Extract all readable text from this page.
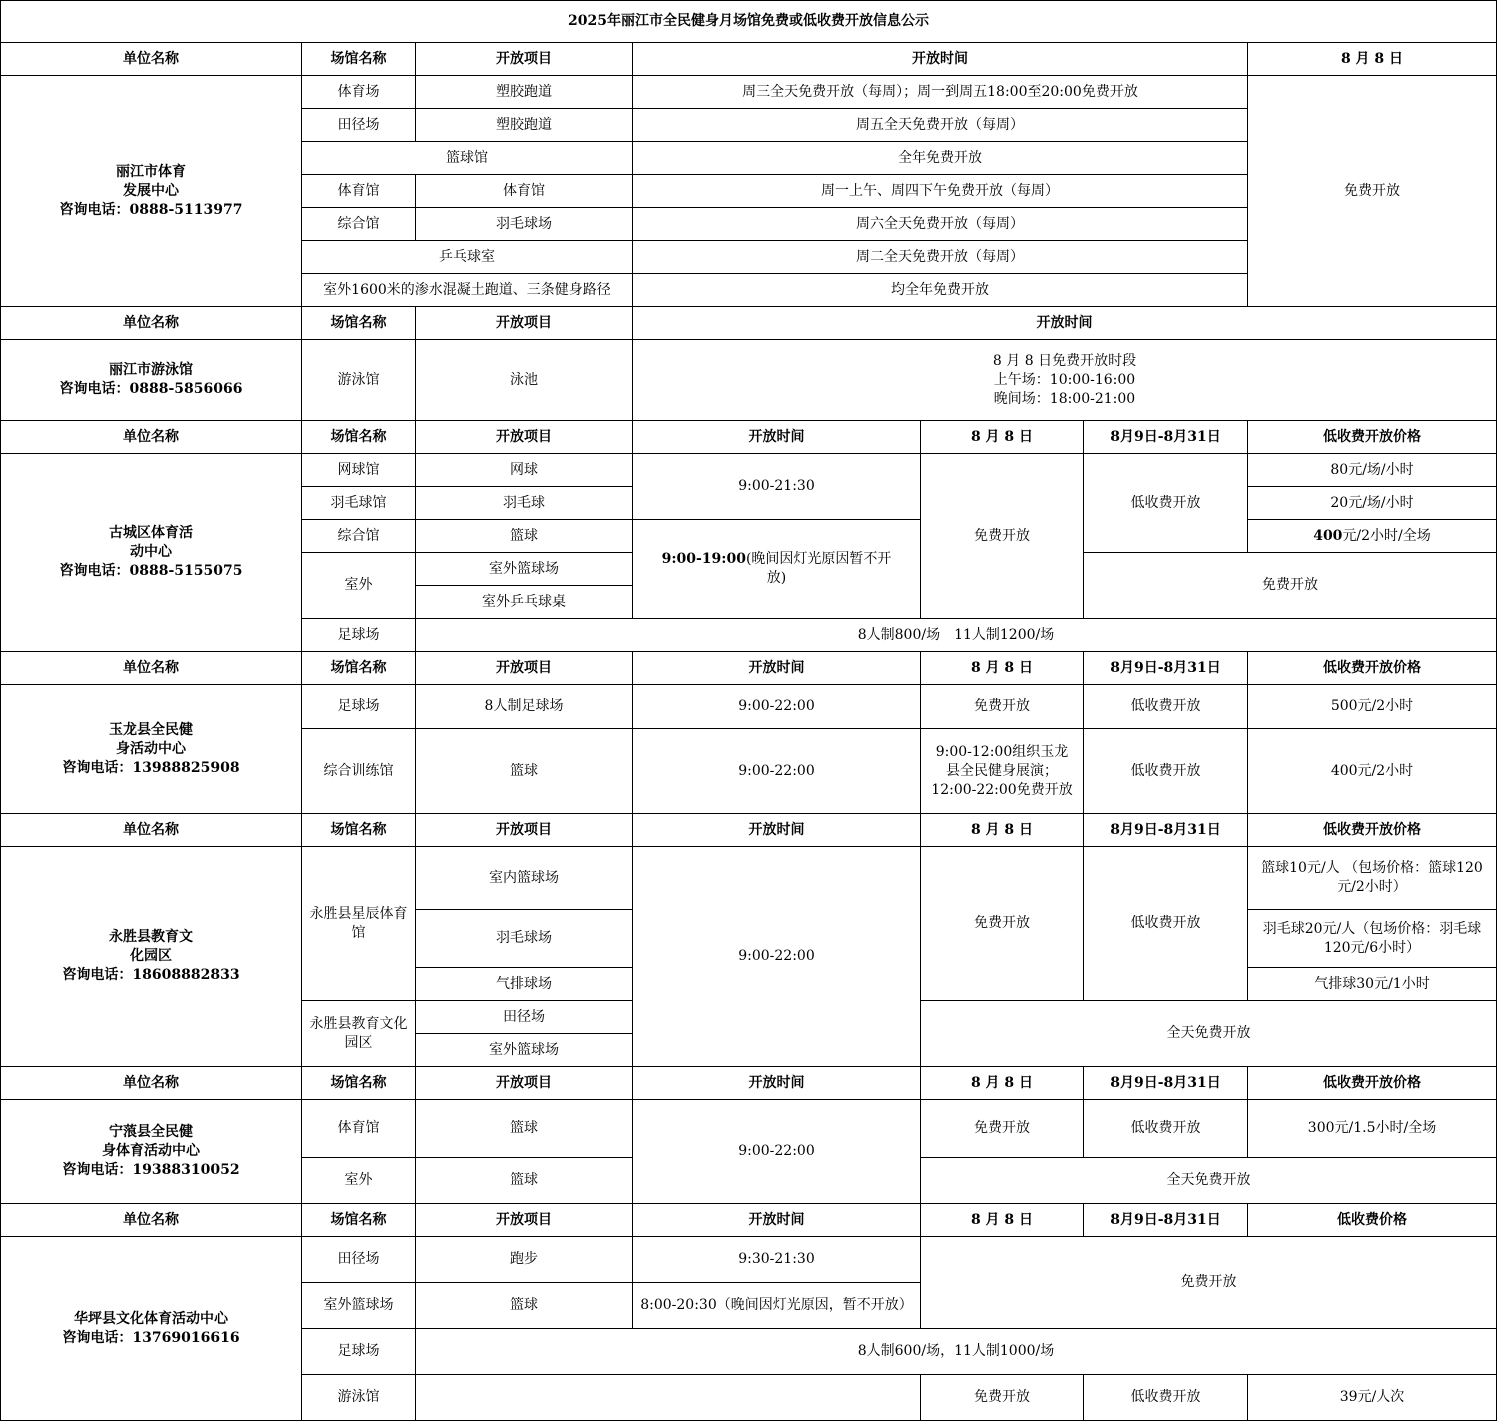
2025年丽江市全民健身月场馆免费或低收费开放信息公示						
单位名称	场馆名称	开放项目	开放时间			8 月 8 日

丽江市体育
发展中心
咨询电话：0888-5113977	体育场	塑胶跑道	周三全天免费开放（每周）；周一到周五18:00至20:00免费开放			免费开放
	田径场	塑胶跑道	周五全天免费开放（每周）			
	篮球馆		全年免费开放			
	体育馆	体育馆	周一上午、周四下午免费开放（每周）			
	综合馆	羽毛球场	周六全天免费开放（每周）			
	乒乓球室		周二全天免费开放（每周）			
	室外1600米的渗水混凝土跑道、三条健身路径		均全年免费开放			
单位名称	场馆名称	开放项目	开放时间			

丽江市游泳馆
咨询电话：0888-5856066	游泳馆	泳池	8 月 8 日免费开放时段
上午场：10:00-16:00
晚间场：18:00-21:00			

单位名称	场馆名称	开放项目	开放时间	8 月 8 日	8月9日-8月31日	低收费开放价格

古城区体育活
动中心
咨询电话：0888-5155075	网球馆	网球	9:00-21:30	免费开放	低收费开放	80元/场/小时
	羽毛球馆	羽毛球				20元/场/小时
	综合馆	篮球	9:00-19:00(晚间因灯光原因暂不开放)			400元/2小时/全场
	室外	室外篮球场			免费开放	
		室外乒乓球桌				
	足球场	8人制800/场　11人制1200/场				
单位名称	场馆名称	开放项目	开放时间	8 月 8 日	8月9日-8月31日	低收费开放价格

玉龙县全民健
身活动中心
咨询电话：13988825908	足球场	8人制足球场	9:00-22:00	免费开放	低收费开放	500元/2小时
	综合训练馆	篮球	9:00-22:00	9:00-12:00组织玉龙
县全民健身展演；
12:00-22:00免费开放	低收费开放	400元/2小时
单位名称	场馆名称	开放项目	开放时间	8 月 8 日	8月9日-8月31日	低收费开放价格

永胜县教育文
化园区
咨询电话：18608882833	永胜县星辰体育馆	室内篮球场	9:00-22:00	免费开放	低收费开放	篮球10元/人 （包场价格：篮球120元/2小时）
		羽毛球场				羽毛球20元/人（包场价格：羽毛球120元/6小时）
		气排球场				气排球30元/1小时
	永胜县教育文化园区	田径场		全天免费开放		
		室外篮球场				
单位名称	场馆名称	开放项目	开放时间	8 月 8 日	8月9日-8月31日	低收费开放价格

宁蒗县全民健
身体育活动中心
咨询电话：19388310052	体育馆	篮球	9:00-22:00	免费开放	低收费开放	300元/1.5小时/全场
	室外	篮球		全天免费开放		
单位名称	场馆名称	开放项目	开放时间	8 月 8 日	8月9日-8月31日	低收费价格

华坪县文化体育活动中心
咨询电话：13769016616	田径场	跑步	9:30-21:30	免费开放		
	室外篮球场	篮球	8:00-20:30（晚间因灯光原因，暂不开放）			
	足球场	8人制600/场，11人制1000/场				
	游泳馆			免费开放	低收费开放	39元/人次
